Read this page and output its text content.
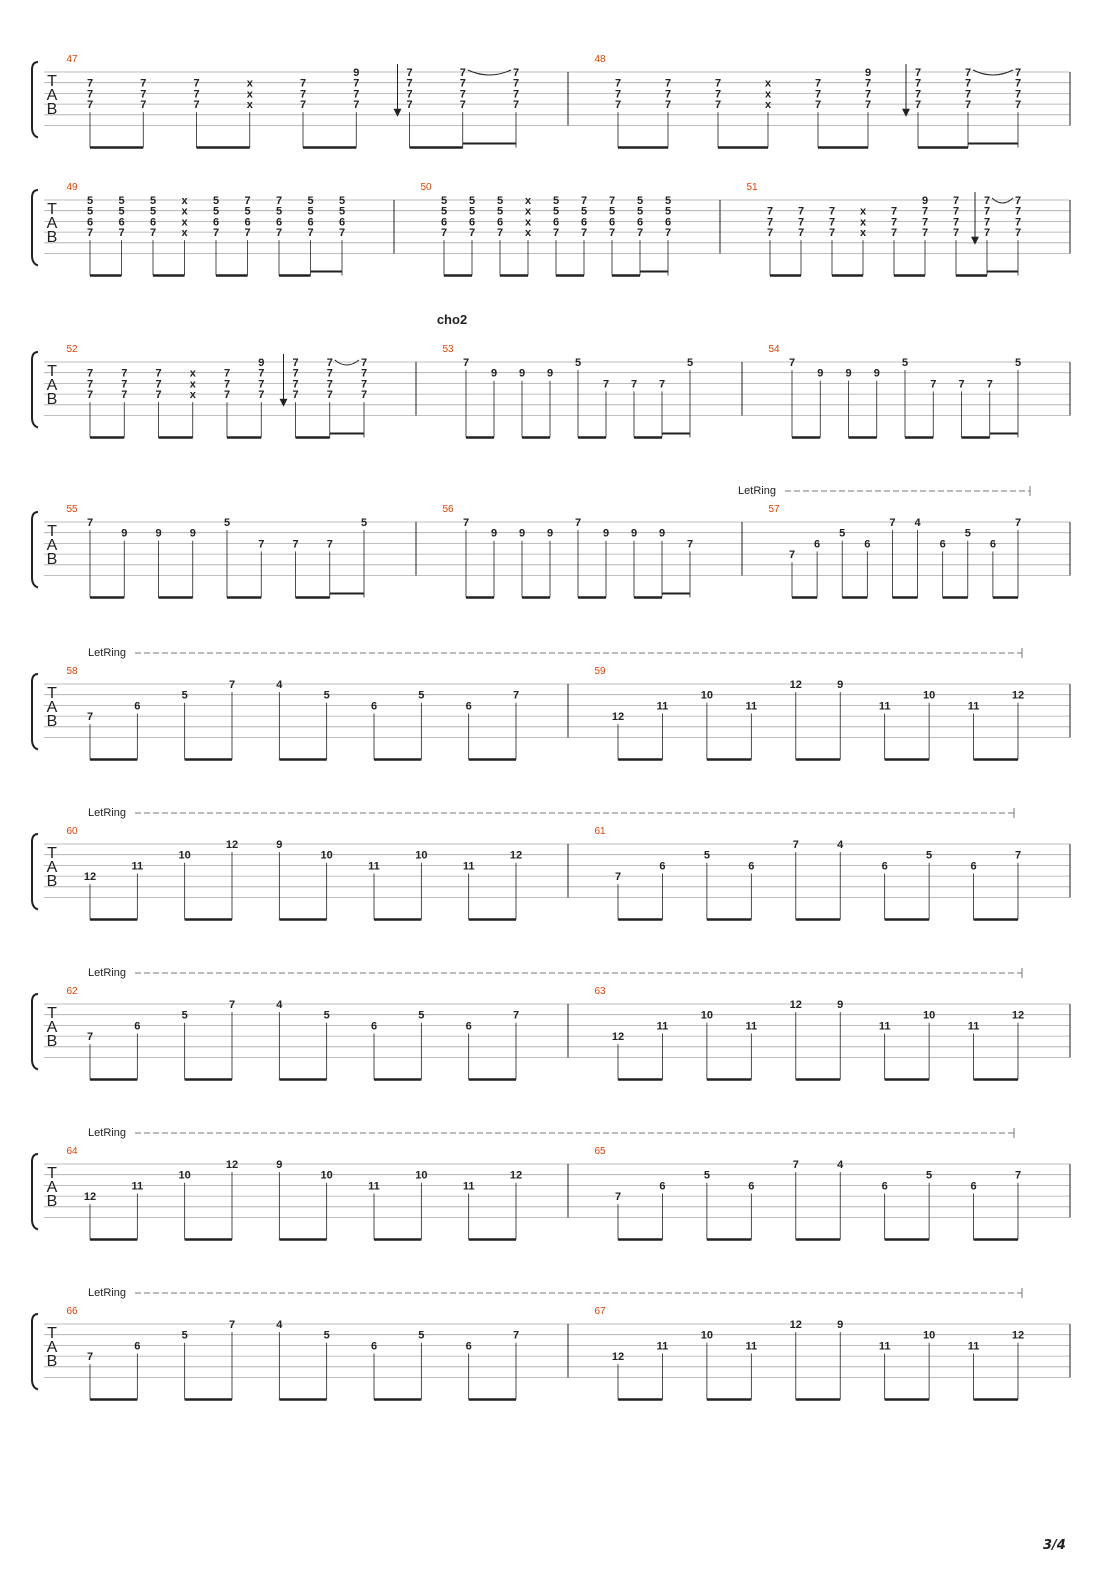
T
A
B
47
7
7
7
7
7
7
7
7
7
x
x
x
7
7
7
9
7
7
7
7
7
7
7
7
7
7
7
7
7
7
7
48
7
7
7
7
7
7
7
7
7
x
x
x
7
7
7
9
7
7
7
7
7
7
7
7
7
7
7
7
7
7
7
T
A
B
49
5
5
6
7
5
5
6
7
5
5
6
7
x
x
x
x
5
5
6
7
7
5
6
7
7
5
6
7
5
5
6
7
5
5
6
7
50
5
5
6
7
5
5
6
7
5
5
6
7
x
x
x
x
5
5
6
7
7
5
6
7
7
5
6
7
5
5
6
7
5
5
6
7
51
7
7
7
7
7
7
7
7
7
x
x
x
7
7
7
9
7
7
7
7
7
7
7
7
7
7
7
7
7
7
7
T
A
B
cho2
52
7
7
7
7
7
7
7
7
7
x
x
x
7
7
7
9
7
7
7
7
7
7
7
7
7
7
7
7
7
7
7
53
7
9 9 9
5
7 7 7
5
54
7
9 9 9
5
7 7 7
5
T
A
B
LetRing
55
7
9	9	9
5
7	7	7
5
56
7
9 9 9
7
9 9 9
7
57
7
6
5
6
7 4
6
5
6
7
T
A
B
LetRing
58
7
6
5
7	4
5
6
5
6
7
59
12
11
10
11
12	9
11
10
11
12
T
A
B
LetRing
60
12
11
10
12	9
10
11
10
11
12
61
7
6
5
6
7	4
6
5
6
7
T
A
B
LetRing
62
7
6
5
7	4
5
6
5
6
7
63
12
11
10
11
12	9
11
10
11
12
T
A
B
LetRing
64
12
11
10
12	9
10
11
10
11
12
65
7
6
5
6
7	4
6
5
6
7
T
A
B
LetRing
66
7
6
5
7	4
5
6
5
6
7
67
12
11
10
11
12	9
11
10
11
12
3/4
